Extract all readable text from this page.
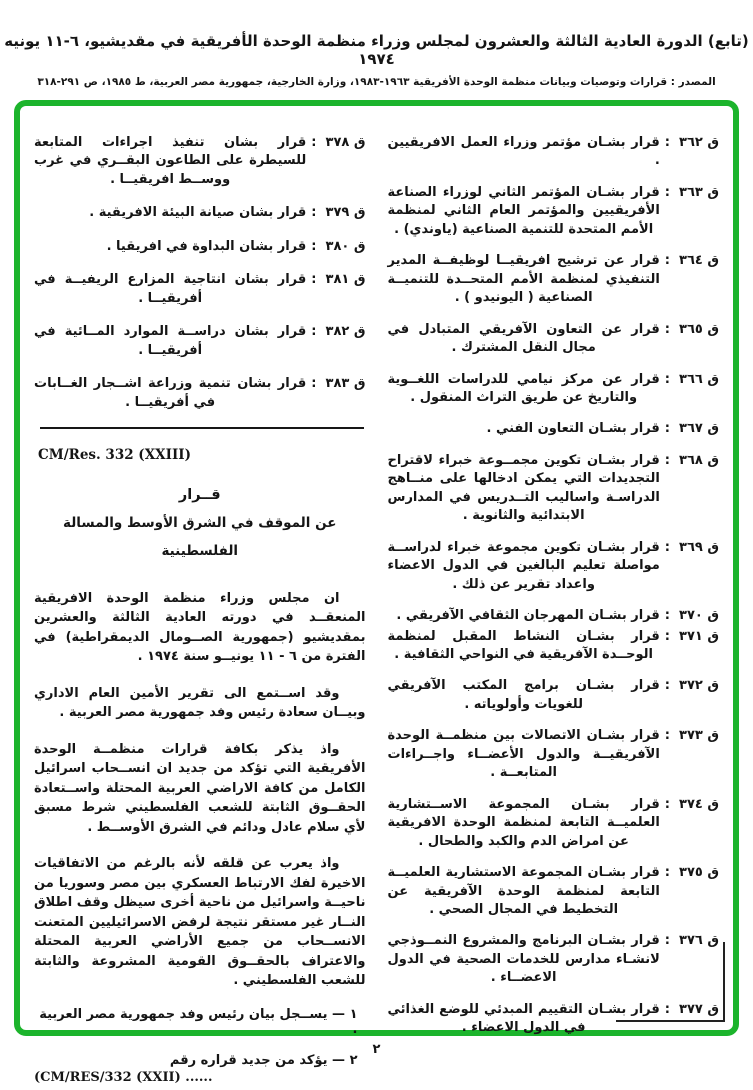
(تابع) الدورة العادية الثالثة والعشرون لمجلس وزراء منظمة الوحدة الأفريقية في مقديشيو، ٦-١١ يونيه ١٩٧٤
المصدر : قرارات وتوصيات وبيانات منظمة الوحدة الأفريقية ١٩٦٣-١٩٨٣، وزارة الخارجية، جمهورية مصر العربية، ط ١٩٨٥، ص ٢٩١-٣١٨
ق ٣٦٢
:
قرار بشـان مؤتمر وزراء العمل الافريقيين .
ق ٣٦٣
:
قرار بشـان المؤتمر الثاني لوزراء الصناعة الأفريقيين والمؤتمر العام الثاني لمنظمة الأمم المتحدة للتنمية الصناعية (ياوندي) .
ق ٣٦٤
:
قرار عن ترشيح افريقيــا لوظيفــة المدير التنفيذي لمنظمة الأمم المتحــدة للتنميــة الصناعية ( اليونيدو ) .
ق ٣٦٥
:
قرار عن التعاون الآفريقي المتبادل في مجال النقل المشترك .
ق ٣٦٦
:
قرار عن مركز نيامي للدراسات اللغــوية والتاريخ عن طريق التراث المنقول .
ق ٣٦٧
:
قرار بشـان التعاون الفني .
ق ٣٦٨
:
قرار بشـان تكوين مجمــوعة خبراء لاقتراح التجديدات التي يمكن ادخالها على منــاهج الدراسـة واساليب التــدريس في المدارس الابتدائية والثانوية .
ق ٣٦٩
:
قرار بشـان تكوين مجموعة خبراء لدراســة مواصلة تعليم البالغين في الدول الاعضاء واعداد تقرير عن ذلك .
ق ٣٧٠
:
قرار بشـان المهرجان الثقافي الآفريقي .
ق ٣٧١
:
قرار بشـان النشاط المقبل لمنظمة الوحــدة الآفريقية في النواحي الثقافية .
ق ٣٧٢
:
قرار بشـان برامج المكتب الآفريقي للغويات وأولوياته .
ق ٣٧٣
:
قرار بشـان الاتصالات بين منظمــة الوحدة الآفريقيــة والدول الأعضــاء واجــراءات المتابعــة .
ق ٣٧٤
:
قرار بشـان المجموعة الاســتشارية العلميــة التابعة لمنظمة الوحدة الافريقية عن امراض الدم والكبد والطحال .
ق ٣٧٥
:
قرار بشـان المجموعة الاستشارية العلميــة التابعة لمنظمة الوحدة الآفريقية عن التخطيط في المجال الصحي .
ق ٣٧٦
:
قرار بشـان البرنامج والمشروع النمــوذجي لانشـاء مدارس للخدمات الصحية في الدول الاعضــاء .
ق ٣٧٧
:
قرار بشـان التقييم المبدئي للوضع الغذائي في الدول الاعضاء .
ق ٣٧٨
:
قرار بشان تنفيذ اجراءات المتابعة للسيطرة على الطاعون البقــري في غرب ووســط افريقيــا .
ق ٣٧٩
:
قرار بشان صيانة البيئة الافريقية .
ق ٣٨٠
:
قرار بشان البداوة في افريقيا .
ق ٣٨١
:
قرار بشان انتاجية المزارع الريفيــة في أفريقيــا .
ق ٣٨٢
:
قرار بشان دراســة الموارد المــائية في أفريقيــا .
ق ٣٨٣
:
قرار بشان تنمية وزراعة اشــجار الغــابات في أفريقيــا .
CM/Res. 332 (XXIII)
قــرار
عن الموقف في الشرق الأوسط والمسالة
الفلسطينية

ان مجلس وزراء منظمة الوحدة الافريقية المنعقــد في دورته العادية الثالثة والعشرين بمقديشيو (جمهورية الصــومال الديمقراطية) في الفترة من ٦ - ١١ يونيــو سنة ١٩٧٤ .

وقد اســتمع الى تقرير الأمين العام الاداري وبيــان سعادة رئيس وفد جمهورية مصر العربية .

واذ يذكر بكافة قرارات منظمــة الوحدة الأفريقية التي تؤكد من جديد ان انســحاب اسرائيل الكامل من كافة الاراضي العربية المحتلة واســتعادة الحقــوق الثابتة للشعب الفلسطيني شرط مسبق لأي سلام عادل ودائم في الشرق الأوســط .

واذ يعرب عن قلقه لأنه بالرغم من الاتفاقيات الاخيرة لفك الارتباط العسكري بين مصر وسوريا من ناحيــة واسرائيل من ناحية أخرى سيظل وقف اطلاق النــار غير مستقر نتيجة لرفض الاسرائيليين المتعنت الانســحاب من جميع الأراضي العربية المحتلة والاعتراف بالحقــوق القومية المشروعة والثابتة للشعب الفلسطيني .

١ — يســجل بيان رئيس وفد جمهورية مصر العربية .
٢ — يؤكد من جديد قراره رقم
(CM/RES/332 (XXII) ......
٢
